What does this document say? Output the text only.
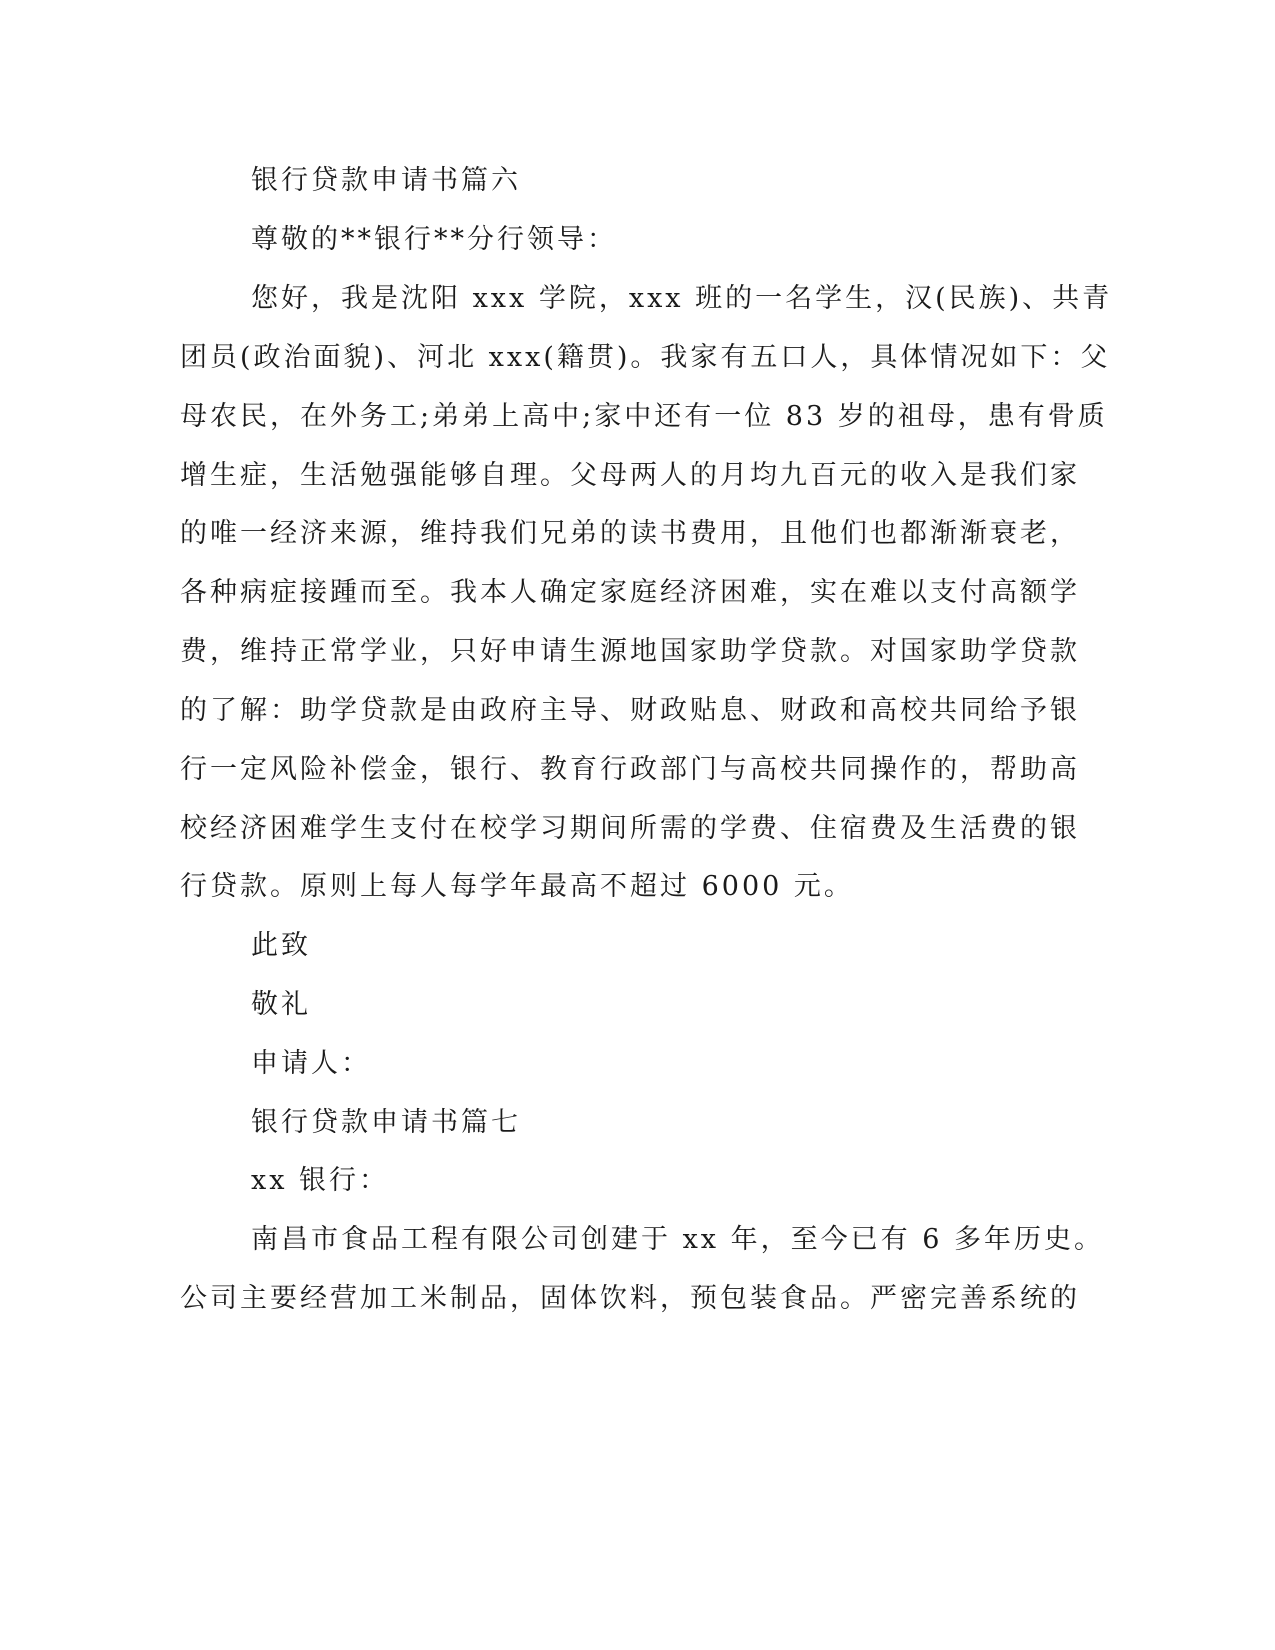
银行贷款申请书篇六
尊敬的**银行**分行领导：
您好，我是沈阳 xxx 学院，xxx 班的一名学生，汉(民族)、共青
团员(政治面貌)、河北 xxx(籍贯)。我家有五口人，具体情况如下：父
母农民，在外务工;弟弟上高中;家中还有一位 83 岁的祖母，患有骨质
增生症，生活勉强能够自理。父母两人的月均九百元的收入是我们家
的唯一经济来源，维持我们兄弟的读书费用，且他们也都渐渐衰老，
各种病症接踵而至。我本人确定家庭经济困难，实在难以支付高额学
费，维持正常学业，只好申请生源地国家助学贷款。对国家助学贷款
的了解：助学贷款是由政府主导、财政贴息、财政和高校共同给予银
行一定风险补偿金，银行、教育行政部门与高校共同操作的，帮助高
校经济困难学生支付在校学习期间所需的学费、住宿费及生活费的银
行贷款。原则上每人每学年最高不超过 6000 元。
此致
敬礼
申请人：
银行贷款申请书篇七
xx 银行：
南昌市食品工程有限公司创建于 xx 年，至今已有 6 多年历史。
公司主要经营加工米制品，固体饮料，预包装食品。严密完善系统的
